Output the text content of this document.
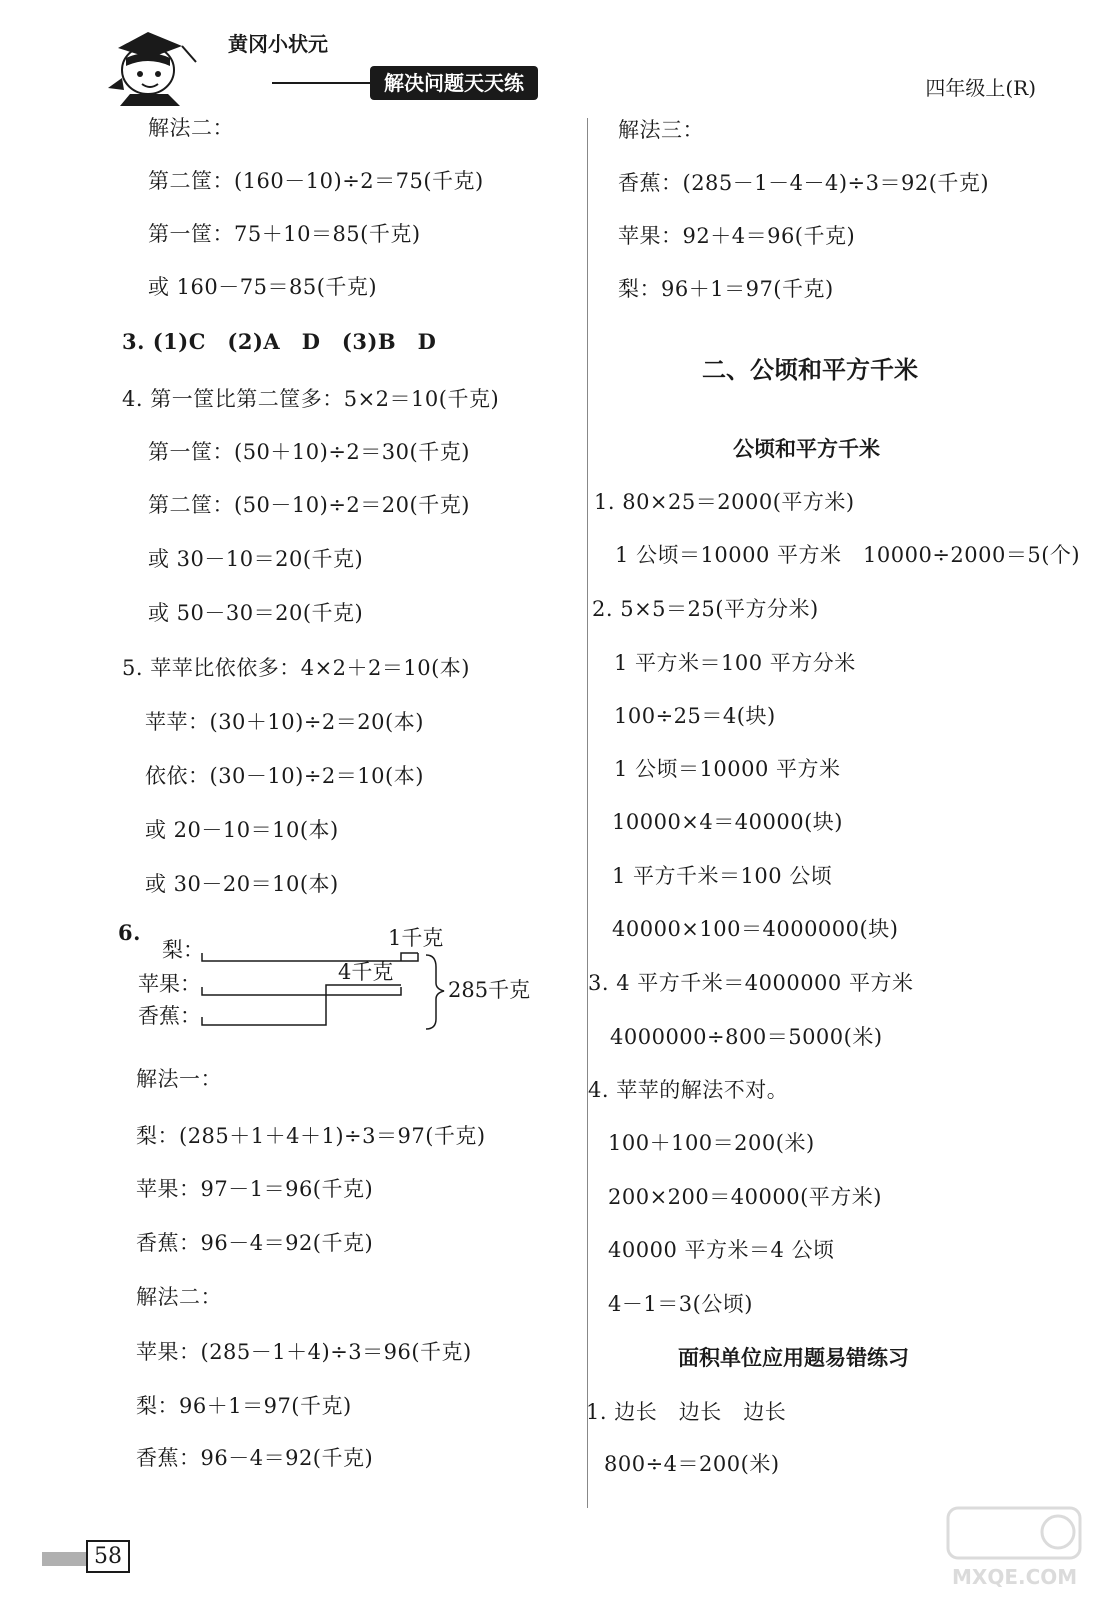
黄冈小状元
解决问题天天练	四年级上(R)
解法二：
第二筐：(160－10)÷2＝75(千克)
第一筐：75＋10＝85(千克)
或 160－75＝85(千克)
3. (1)C　(2)A　D　(3)B　D
4. 第一筐比第二筐多：5×2＝10(千克)
第一筐：(50＋10)÷2＝30(千克)
第二筐：(50－10)÷2＝20(千克)
或 30－10＝20(千克)
或 50－30＝20(千克)
5. 苹苹比依依多：4×2＋2＝10(本)
苹苹：(30＋10)÷2＝20(本)
依依：(30－10)÷2＝10(本)
或 20－10＝10(本)
或 30－20＝10(本)
6.
梨：
苹果：
香蕉：
1千克
4千克
285千克
解法一：
梨：(285＋1＋4＋1)÷3＝97(千克)
苹果：97－1＝96(千克)
香蕉：96－4＝92(千克)
解法二：
苹果：(285－1＋4)÷3＝96(千克)
梨：96＋1＝97(千克)
香蕉：96－4＝92(千克)
解法三：
香蕉：(285－1－4－4)÷3＝92(千克)
苹果：92＋4＝96(千克)
梨：96＋1＝97(千克)
二、公顷和平方千米
公顷和平方千米
1. 80×25＝2000(平方米)
1 公顷＝10000 平方米　10000÷2000＝5(个)
2. 5×5＝25(平方分米)
1 平方米＝100 平方分米
100÷25＝4(块)
1 公顷＝10000 平方米
10000×4＝40000(块)
1 平方千米＝100 公顷
40000×100＝4000000(块)
3. 4 平方千米＝4000000 平方米
4000000÷800＝5000(米)
4. 苹苹的解法不对。
100＋100＝200(米)
200×200＝40000(平方米)
40000 平方米＝4 公顷
4－1＝3(公顷)
面积单位应用题易错练习
1. 边长　边长　边长
800÷4＝200(米)
58
MXQE.COM
